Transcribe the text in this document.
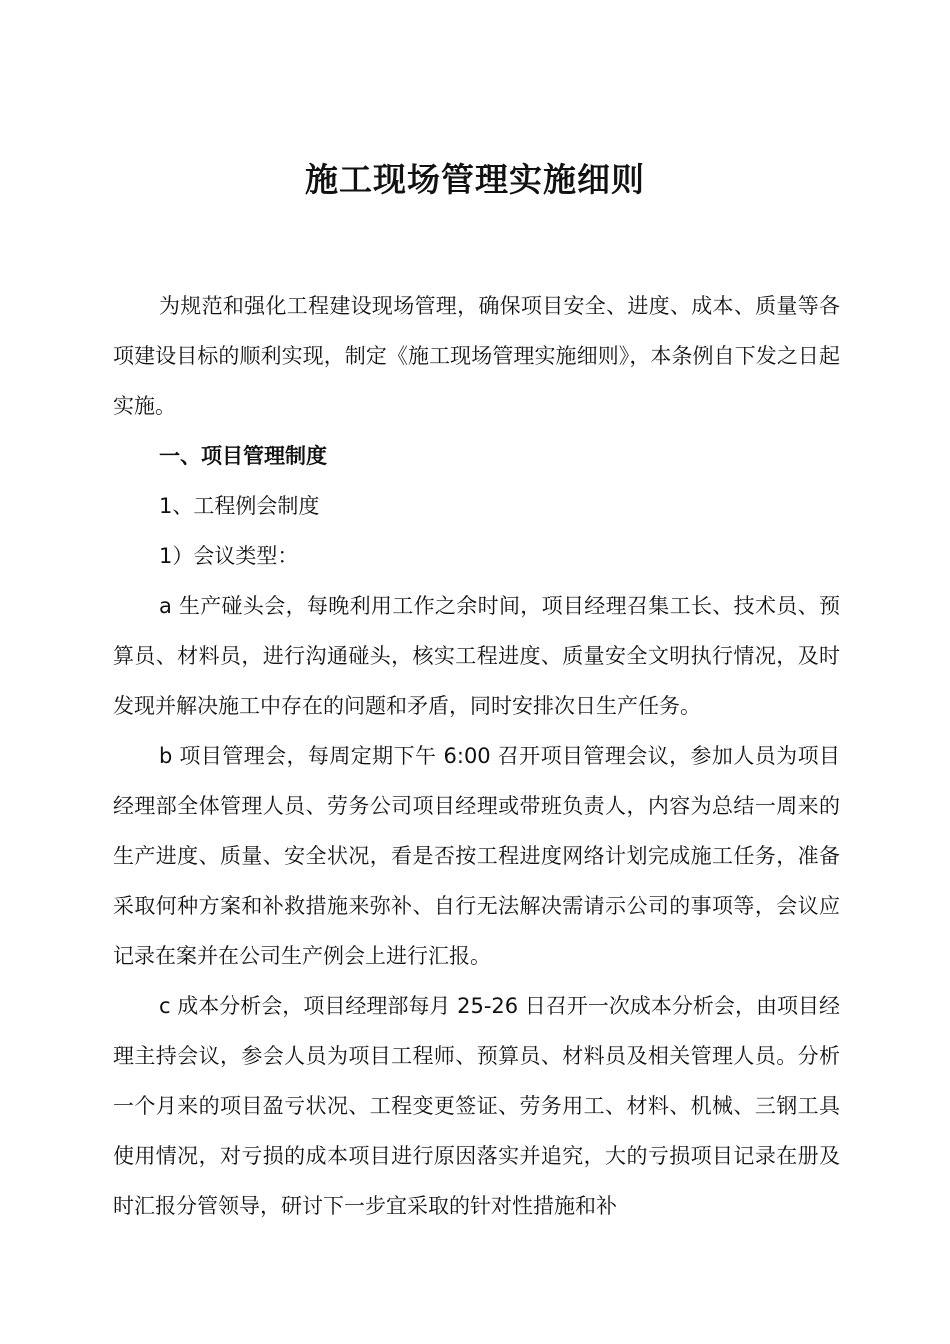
施工现场管理实施细则

为规范和强化工程建设现场管理，确保项目安全、进度、成本、质量等各项建设目标的顺利实现，制定《施工现场管理实施细则》，本条例自下发之日起实施。

一、项目管理制度

1、工程例会制度

1）会议类型：

a 生产碰头会，每晚利用工作之余时间，项目经理召集工长、技术员、预算员、材料员，进行沟通碰头，核实工程进度、质量安全文明执行情况，及时发现并解决施工中存在的问题和矛盾，同时安排次日生产任务。

b 项目管理会，每周定期下午 6:00 召开项目管理会议，参加人员为项目经理部全体管理人员、劳务公司项目经理或带班负责人，内容为总结一周来的生产进度、质量、安全状况，看是否按工程进度网络计划完成施工任务，准备采取何种方案和补救措施来弥补、自行无法解决需请示公司的事项等，会议应记录在案并在公司生产例会上进行汇报。

c 成本分析会，项目经理部每月 25-26 日召开一次成本分析会，由项目经理主持会议，参会人员为项目工程师、预算员、材料员及相关管理人员。分析一个月来的项目盈亏状况、工程变更签证、劳务用工、材料、机械、三钢工具使用情况，对亏损的成本项目进行原因落实并追究，大的亏损项目记录在册及时汇报分管领导，研讨下一步宜采取的针对性措施和补
